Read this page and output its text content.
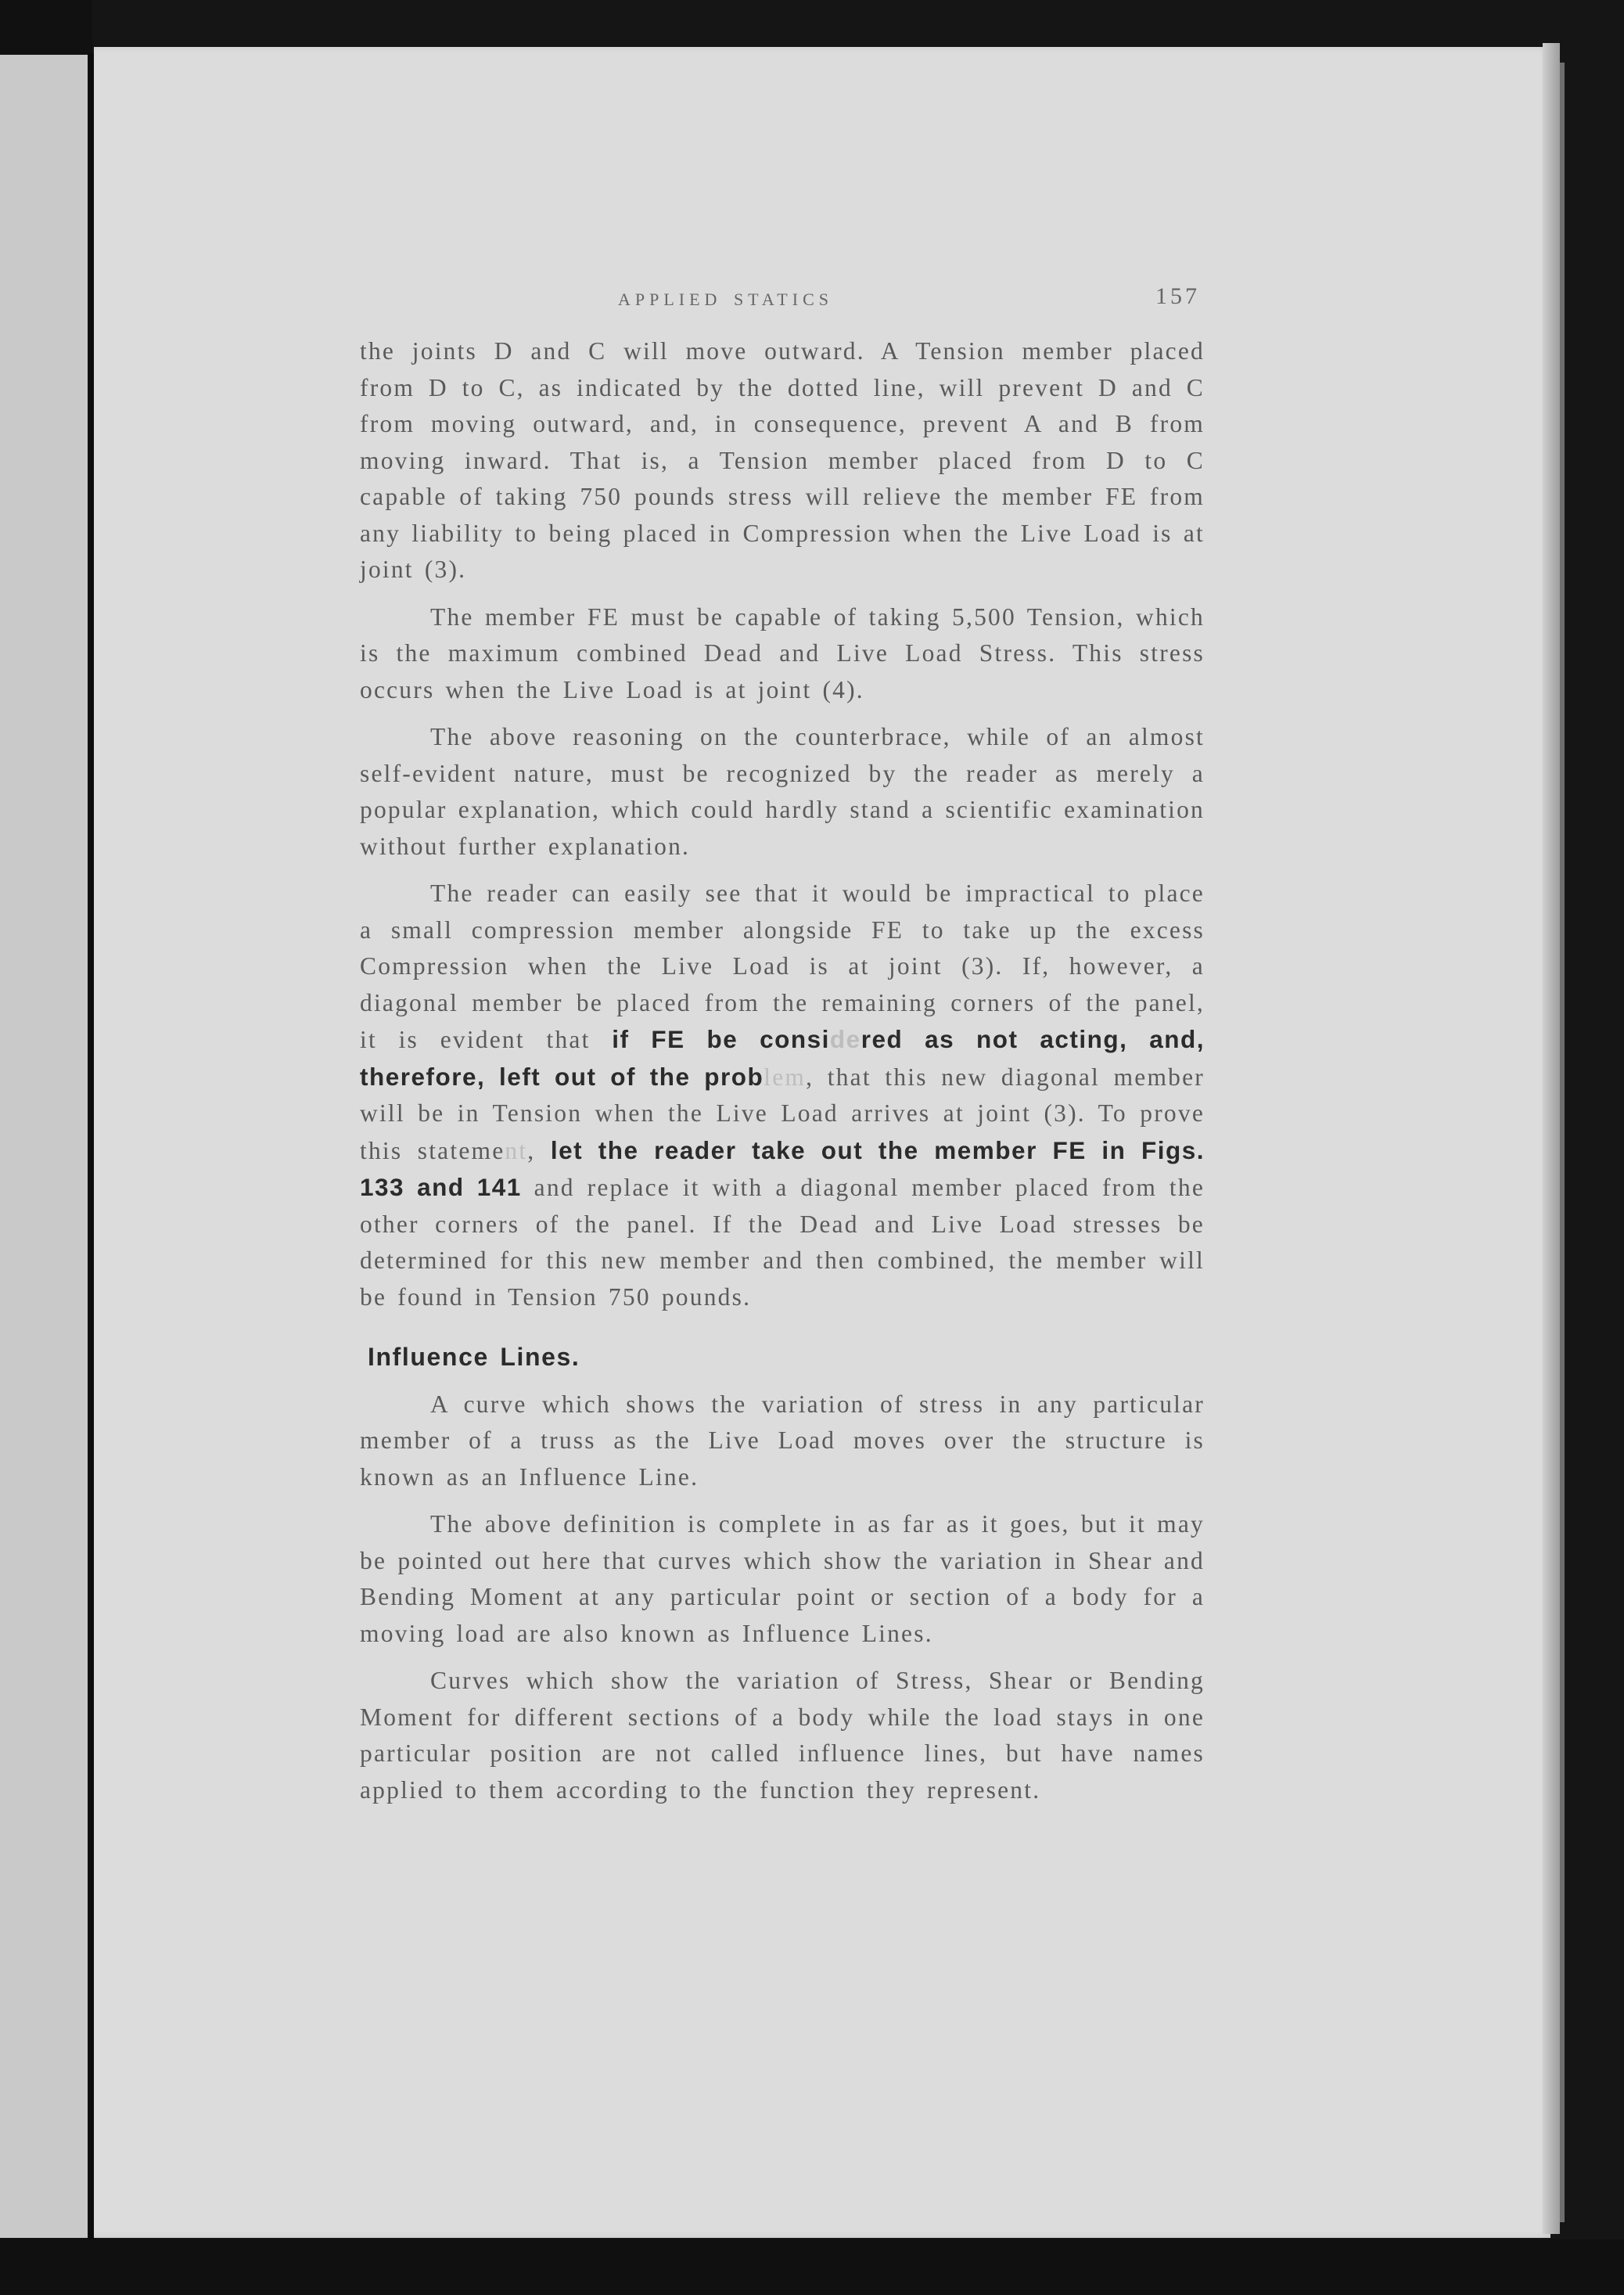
APPLIED STATICS	157

the joints D and C will move outward. A Tension member placed from D to C, as indicated by the dotted line, will prevent D and C from moving outward, and, in consequence, prevent A and B from moving inward. That is, a Tension member placed from D to C capable of taking 750 pounds stress will relieve the member FE from any liability to being placed in Compression when the Live Load is at joint (3).

The member FE must be capable of taking 5,500 Tension, which is the maximum combined Dead and Live Load Stress. This stress occurs when the Live Load is at joint (4).

The above reasoning on the counterbrace, while of an almost self-evident nature, must be recognized by the reader as merely a popular explanation, which could hardly stand a scientific examination without further explanation.

The reader can easily see that it would be impractical to place a small compression member alongside FE to take up the excess Compression when the Live Load is at joint (3). If, however, a diagonal member be placed from the remaining corners of the panel, it is evident that if FE be considered as not acting, and, therefore, left out of the problem, that this new diagonal member will be in Tension when the Live Load arrives at joint (3). To prove this statement, let the reader take out the member FE in Figs. 133 and 141 and replace it with a diagonal member placed from the other corners of the panel. If the Dead and Live Load stresses be determined for this new member and then combined, the member will be found in Tension 750 pounds.

Influence Lines.

A curve which shows the variation of stress in any particular member of a truss as the Live Load moves over the structure is known as an Influence Line.

The above definition is complete in as far as it goes, but it may be pointed out here that curves which show the variation in Shear and Bending Moment at any particular point or section of a body for a moving load are also known as Influence Lines.

Curves which show the variation of Stress, Shear or Bending Moment for different sections of a body while the load stays in one particular position are not called influence lines, but have names applied to them according to the function they represent.
